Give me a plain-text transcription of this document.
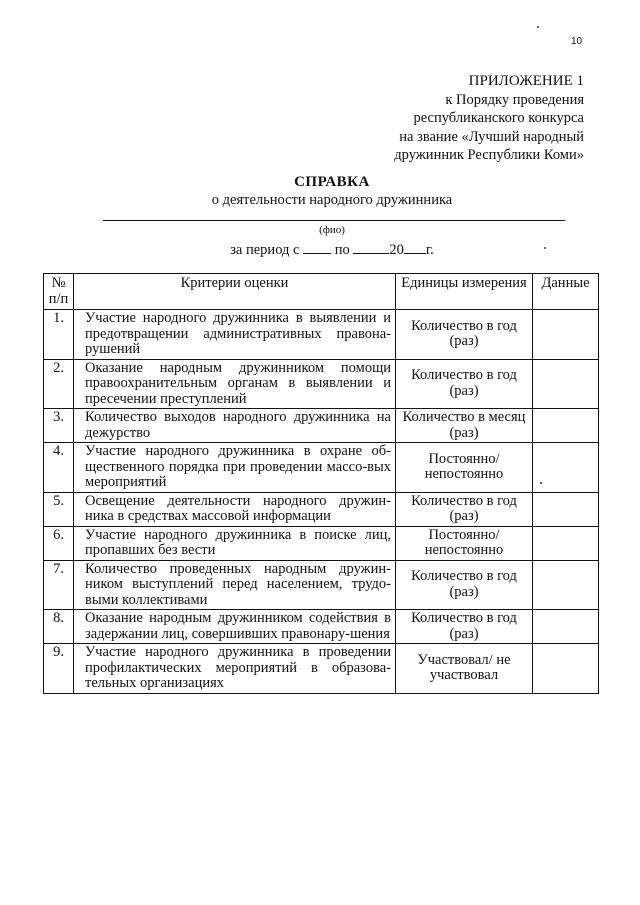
10
ПРИЛОЖЕНИЕ 1
к Порядку проведения
республиканского конкурса
на звание «Лучший народный
дружинник Республики Коми»
СПРАВКА
о деятельности народного дружинника
(фио)
за период с по	20 г.
№ п/п	Критерии оценки	Единицы измерения	Данные
1.	Участие народного дружинника в выявлении и предотвращении административных правона-рушений	Количество в год (раз)	
2.	Оказание народным дружинником помощи правоохранительным органам в выявлении и пресечении преступлений	Количество в год (раз)	
3.	Количество выходов народного дружинника на дежурство	Количество в месяц (раз)	
4.	Участие народного дружинника в охране об-щественного порядка при проведении массо-вых мероприятий	Постоянно/ непостоянно	
5.	Освещение деятельности народного дружин-ника в средствах массовой информации	Количество в год (раз)	
6.	Участие народного дружинника в поиске лиц, пропавших без вести	Постоянно/ непостоянно	
7.	Количество проведенных народным дружин-ником выступлений перед населением, трудо-выми коллективами	Количество в год (раз)	
8.	Оказание народным дружинником содействия в задержании лиц, совершивших правонару-шения	Количество в год (раз)	
9.	Участие народного дружинника в проведении профилактических мероприятий в образова-тельных организациях	Участвовал/ не участвовал	
